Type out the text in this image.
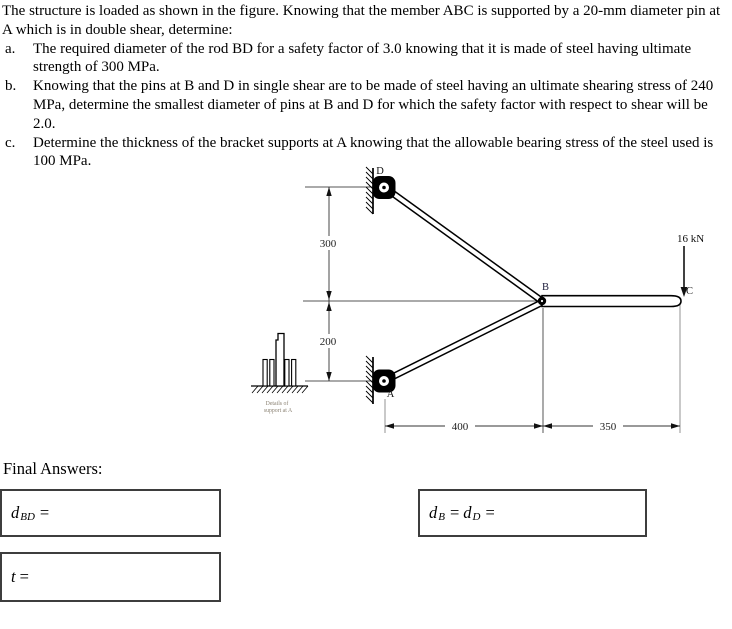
The structure is loaded as shown in the figure. Knowing that the member ABC is supported by a 20-mm diameter pin at A which is in double shear, determine:

a.	The required diameter of the rod BD for a safety factor of 3.0 knowing that it is made of steel having ultimate strength of 300 MPa.
b.	Knowing that the pins at B and D in single shear are to be made of steel having an ultimate shearing stress of 240 MPa, determine the smallest diameter of pins at B and D for which the safety factor with respect to shear will be 2.0.
c.	Determine the thickness of the bracket supports at A knowing that the allowable bearing stress of the steel used is 100 MPa.
300
200
400	350
16 kN
D
B	C
A
Details of
support at A
Final Answers:
d BD =	d B = d D =
t =
